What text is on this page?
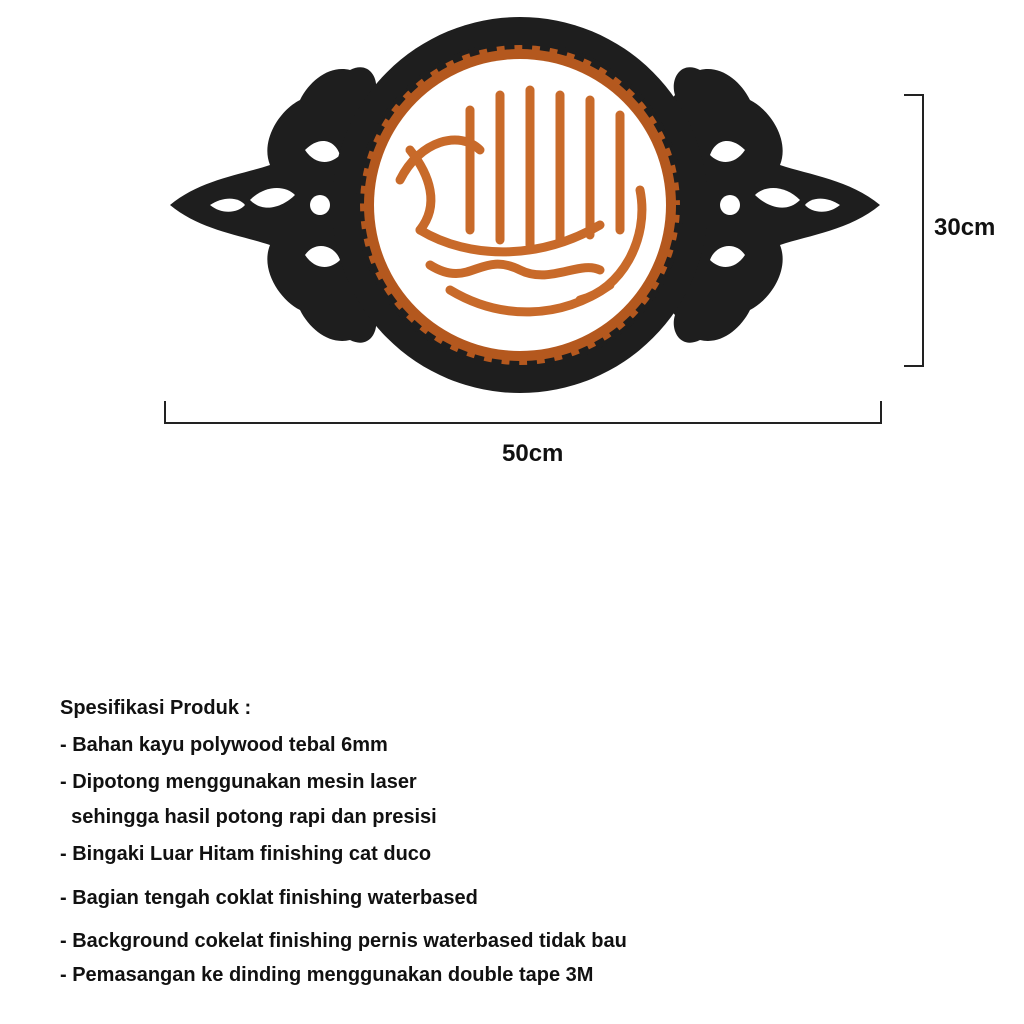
30cm
50cm
Spesifikasi Produk :
- Bahan kayu polywood tebal 6mm
- Dipotong menggunakan mesin laser
sehingga hasil potong rapi dan presisi
- Bingaki Luar Hitam finishing cat duco
- Bagian tengah coklat finishing waterbased
- Background cokelat finishing pernis waterbased tidak bau
- Pemasangan ke dinding menggunakan double tape 3M
